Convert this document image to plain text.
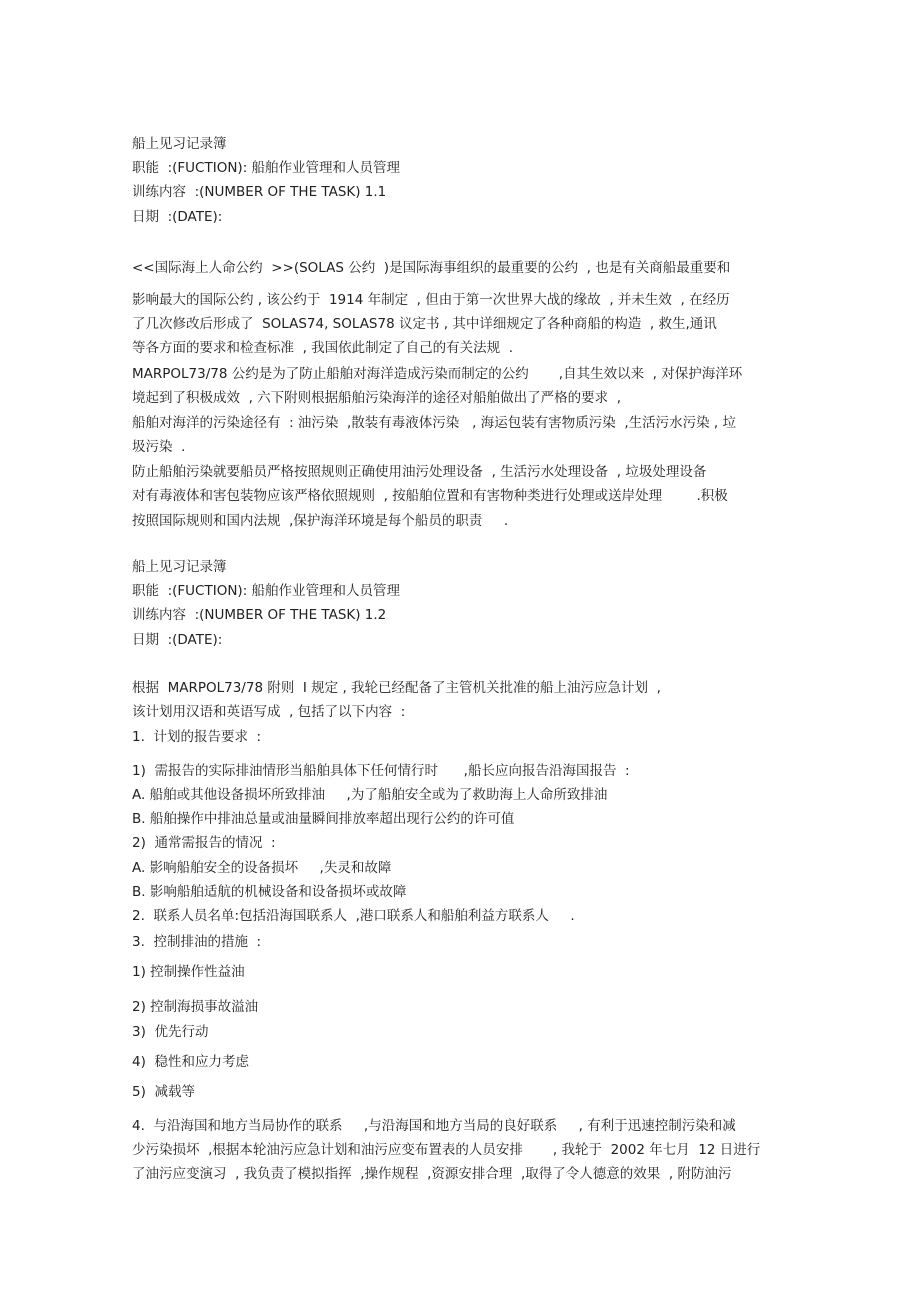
船上见习记录簿
职能  :(FUCTION): 船舶作业管理和人员管理
训练内容  :(NUMBER OF THE TASK) 1.1
日期  :(DATE):
<<国际海上人命公约  >>(SOLAS 公约  )是国际海事组织的最重要的公约  , 也是有关商船最重要和
影响最大的国际公约 , 该公约于  1914 年制定  , 但由于第一次世界大战的缘故  , 并未生效  , 在经历
了几次修改后形成了  SOLAS74, SOLAS78 议定书 , 其中详细规定了各种商船的构造  , 救生,通讯
等各方面的要求和检查标准  , 我国依此制定了自己的有关法规  .
MARPOL73/78 公约是为了防止船舶对海洋造成污染而制定的公约       ,自其生效以来  , 对保护海洋环
境起到了积极成效  , 六下附则根据船舶污染海洋的途径对船舶做出了严格的要求  ,
船舶对海洋的污染途径有  : 油污染  ,散装有毒液体污染   , 海运包装有害物质污染  ,生活污水污染 , 垃
圾污染  .
防止船舶污染就要船员严格按照规则正确使用油污处理设备  , 生活污水处理设备  , 垃圾处理设备
对有毒液体和害包装物应该严格依照规则  , 按船舶位置和有害物种类进行处理或送岸处理        .积极
按照国际规则和国内法规  ,保护海洋环境是每个船员的职责     .
船上见习记录簿
职能  :(FUCTION): 船舶作业管理和人员管理
训练内容  :(NUMBER OF THE TASK) 1.2
日期  :(DATE):
根据  MARPOL73/78 附则  I 规定 , 我轮已经配备了主管机关批准的船上油污应急计划  ,
该计划用汉语和英语写成  , 包括了以下内容  :
1.  计划的报告要求  :
1)  需报告的实际排油情形当船舶具体下任何情行时      ,船长应向报告沿海国报告  :
A. 船舶或其他设备损坏所致排油     ,为了船舶安全或为了救助海上人命所致排油
B. 船舶操作中排油总量或油量瞬间排放率超出现行公约的许可值
2)  通常需报告的情况  :
A. 影响船舶安全的设备损坏     ,失灵和故障
B. 影响船舶适航的机械设备和设备损坏或故障
2.  联系人员名单:包括沿海国联系人  ,港口联系人和船舶利益方联系人     .
3.  控制排油的措施  :
1) 控制操作性益油
2) 控制海损事故溢油
3)  优先行动
4)  稳性和应力考虑
5)  减载等
4.  与沿海国和地方当局协作的联系     ,与沿海国和地方当局的良好联系     , 有利于迅速控制污染和减
少污染损坏  ,根据本轮油污应急计划和油污应变布置表的人员安排       , 我轮于  2002 年七月  12 日进行
了油污应变演习  , 我负责了模拟指挥  ,操作规程  ,资源安排合理  ,取得了令人德意的效果  , 附防油污
